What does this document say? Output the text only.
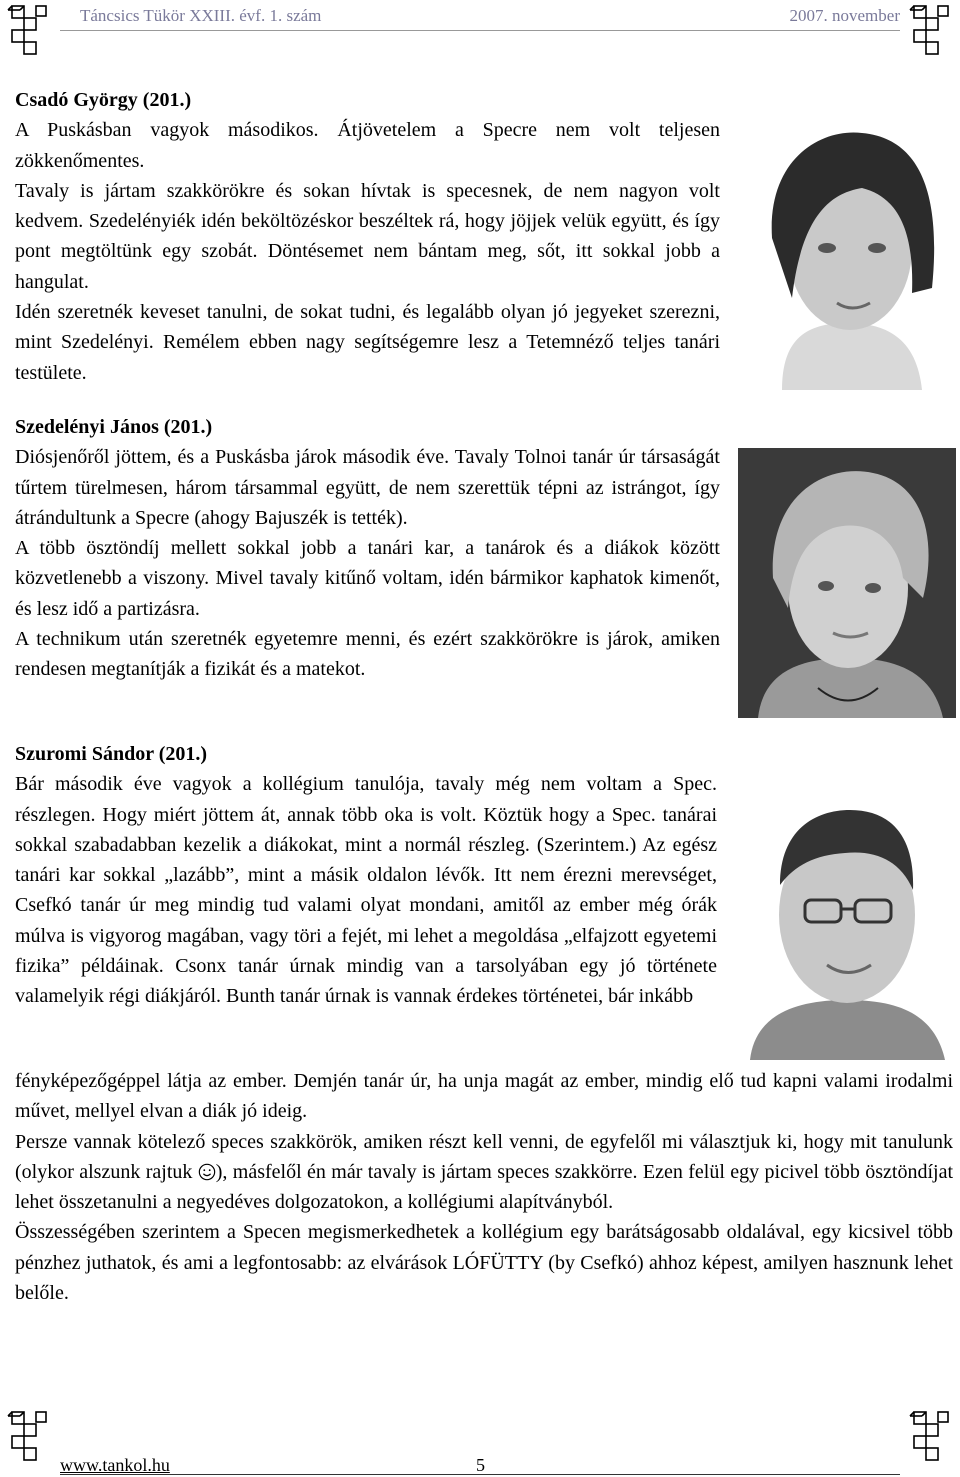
Táncsics Tükör XXIII. évf. 1. szám	2007. november

Csadó György (201.)

A Puskásban vagyok másodikos. Átjövetelem a Specre nem volt teljesen zökkenőmentes.

Tavaly is jártam szakkörökre és sokan hívtak is specesnek, de nem nagyon volt kedvem. Szedelényiék idén beköltözéskor beszéltek rá, hogy jöjjek velük együtt, és így pont megtöltünk egy szobát. Döntésemet nem bántam meg, sőt, itt sokkal jobb a hangulat.

Idén szeretnék keveset tanulni, de sokat tudni, és legalább olyan jó jegyeket szerezni, mint Szedelényi. Remélem ebben nagy segítségemre lesz a Tetemnéző teljes tanári testülete.

Szedelényi János (201.)

Diósjenőről jöttem, és a Puskásba járok második éve. Tavaly Tolnoi tanár úr társaságát tűrtem türelmesen, három társammal együtt, de nem szerettük tépni az istrángot, így átrándultunk a Specre (ahogy Bajuszék is tették).

A több ösztöndíj mellett sokkal jobb a tanári kar, a tanárok és a diákok között közvetlenebb a viszony. Mivel tavaly kitűnő voltam, idén bármikor kaphatok kimenőt, és lesz idő a partizásra.

A technikum után szeretnék egyetemre menni, és ezért szakkörökre is járok, amiken rendesen megtanítják a fizikát és a matekot.

Szuromi Sándor (201.)

Bár második éve vagyok a kollégium tanulója, tavaly még nem voltam a Spec. részlegen. Hogy miért jöttem át, annak több oka is volt. Köztük hogy a Spec. tanárai sokkal szabadabban kezelik a diákokat, mint a normál részleg. (Szerintem.) Az egész tanári kar sokkal „lazább”, mint a másik oldalon lévők. Itt nem érezni merevséget, Csefkó tanár úr meg mindig tud valami olyat mondani, amitől az ember még órák múlva is vigyorog magában, vagy töri a fejét, mi lehet a megoldása „elfajzott egyetemi fizika” példáinak. Csonx tanár úrnak mindig van a tarsolyában egy jó története valamelyik régi diákjáról. Bunth tanár úrnak is vannak érdekes történetei, bár inkább

fényképezőgéppel látja az ember. Demjén tanár úr, ha unja magát az ember, mindig elő tud kapni valami irodalmi művet, mellyel elvan a diák jó ideig.

Persze vannak kötelező speces szakkörök, amiken részt kell venni, de egyfelől mi választjuk ki, hogy mit tanulunk (olykor alszunk rajtuk ), másfelől én már tavaly is jártam speces szakkörre. Ezen felül egy picivel több ösztöndíjat lehet összetanulni a negyedéves dolgozatokon, a kollégiumi alapítványból.

Összességében szerintem a Specen megismerkedhetek a kollégium egy barátságosabb oldalával, egy kicsivel több pénzhez juthatok, és ami a legfontosabb: az elvárások LÓFÜTTY (by Csefkó) ahhoz képest, amilyen hasznunk lehet belőle.

www.tankol.hu	5
